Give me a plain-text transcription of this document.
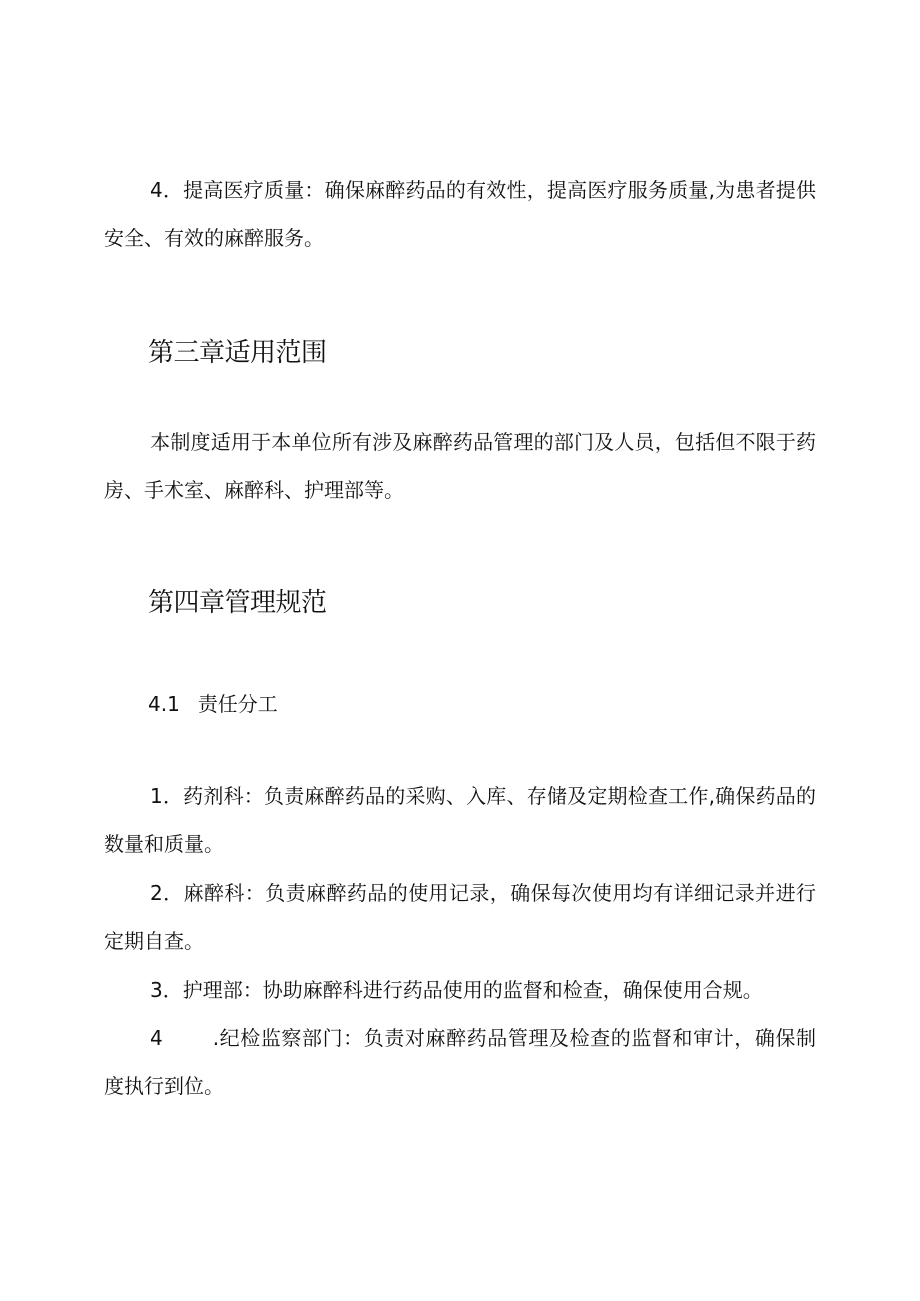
4．提高医疗质量：确保麻醉药品的有效性，提高医疗服务质量,为患者提供安全、有效的麻醉服务。

第三章适用范围

本制度适用于本单位所有涉及麻醉药品管理的部门及人员，包括但不限于药房、手术室、麻醉科、护理部等。

第四章管理规范

4.1 责任分工

1．药剂科：负责麻醉药品的采购、入库、存储及定期检查工作,确保药品的数量和质量。

2．麻醉科：负责麻醉药品的使用记录，确保每次使用均有详细记录并进行定期自查。

3．护理部：协助麻醉科进行药品使用的监督和检查，确保使用合规。

4	.纪检监察部门：负责对麻醉药品管理及检查的监督和审计，确保制度执行到位。
